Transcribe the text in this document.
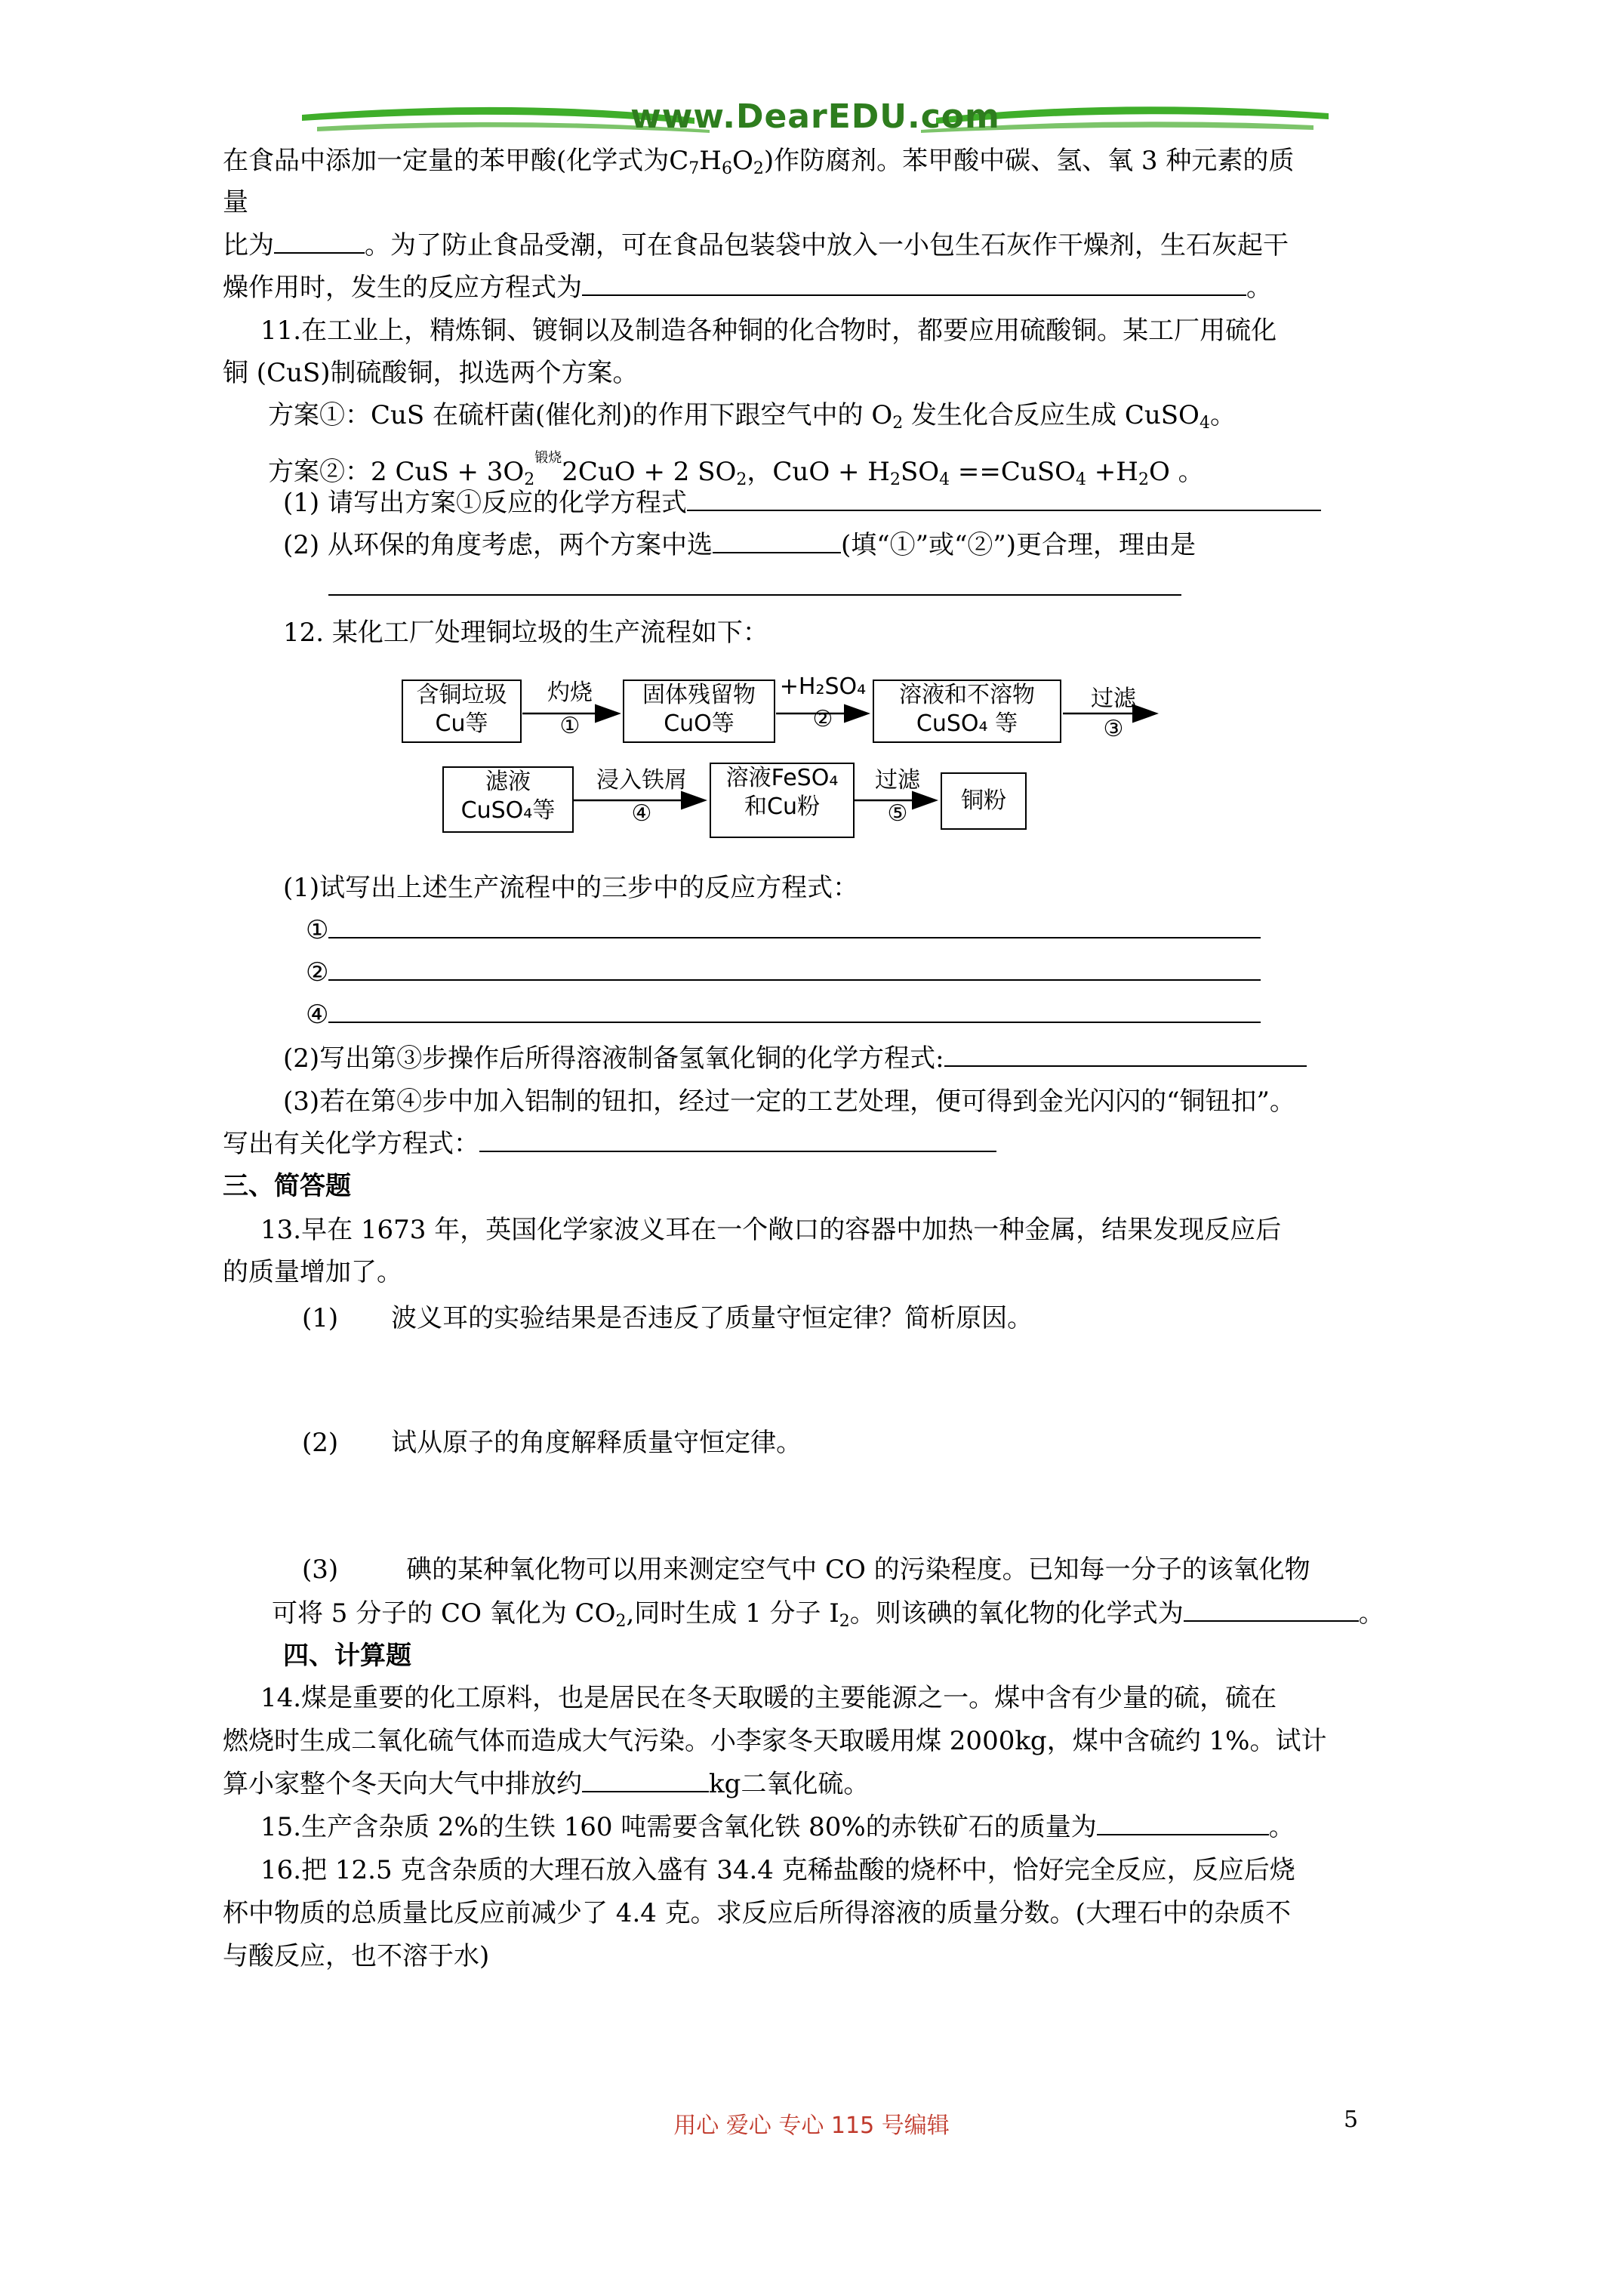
www.DearEDU.com
在食品中添加一定量的苯甲酸(化学式为$C_7H_6O_2$)作防腐剂。苯甲酸中碳、氢、氧 3 种元素的质
量
比为	。为了防止食品受潮，可在食品包装袋中放入一小包生石灰作干燥剂，生石灰起干
燥作用时，发生的反应方程式为	。
11.在工业上，精炼铜、镀铜以及制造各种铜的化合物时，都要应用硫酸铜。某工厂用硫化
铜 (CuS)制硫酸铜，拟选两个方案。
方案①：CuS 在硫杆菌(催化剂)的作用下跟空气中的 $O_2$ 发生化合反应生成 CuSO$_4$。
方案②：2 CuS + $3O_2^{锻烧}2CuO + 2$ $SO_2$，CuO + $H_2SO_4$ ==CuSO$_4$ $+H_2O$ 。
(1) 请写出方案①反应的化学方程式
(2) 从环保的角度考虑，两个方案中选	(填“①”或“②”)更合理，理由是
12. 某化工厂处理铜垃圾的生产流程如下：
含铜垃圾
Cu等
灼烧
①
固体残留物
CuO等
+H₂SO₄
②
溶液和不溶物
CuSO₄ 等
过滤
③
滤液
CuSO₄等
浸入铁屑
④
溶液FeSO₄
和Cu粉
过滤
⑤	铜粉
(1)试写出上述生产流程中的三步中的反应方程式：
①
②
④
(2)写出第③步操作后所得溶液制备氢氧化铜的化学方程式:
(3)若在第④步中加入铝制的钮扣，经过一定的工艺处理，便可得到金光闪闪的“铜钮扣”。
写出有关化学方程式：
三、简答题
13.早在 1673 年，英国化学家波义耳在一个敞口的容器中加热一种金属，结果发现反应后
的质量增加了。
(1) 波义耳的实验结果是否违反了质量守恒定律？简析原因。
(2) 试从原子的角度解释质量守恒定律。
(3)	碘的某种氧化物可以用来测定空气中 CO 的污染程度。已知每一分子的该氧化物
可将 5 分子的 CO 氧化为 $CO_2$,同时生成 1 分子 $I_2$。则该碘的氧化物的化学式为	。
四、计算题
14.煤是重要的化工原料，也是居民在冬天取暖的主要能源之一。煤中含有少量的硫，硫在
燃烧时生成二氧化硫气体而造成大气污染。小李家冬天取暖用煤 2000kg，煤中含硫约 1%。试计
算小家整个冬天向大气中排放约	kg二氧化硫。
15.生产含杂质 2%的生铁 160 吨需要含氧化铁 80%的赤铁矿石的质量为	。
16.把 12.5 克含杂质的大理石放入盛有 34.4 克稀盐酸的烧杯中，恰好完全反应，反应后烧
杯中物质的总质量比反应前减少了 4.4 克。求反应后所得溶液的质量分数。(大理石中的杂质不
与酸反应，也不溶于水)
用心 爱心 专心 115 号编辑	5
